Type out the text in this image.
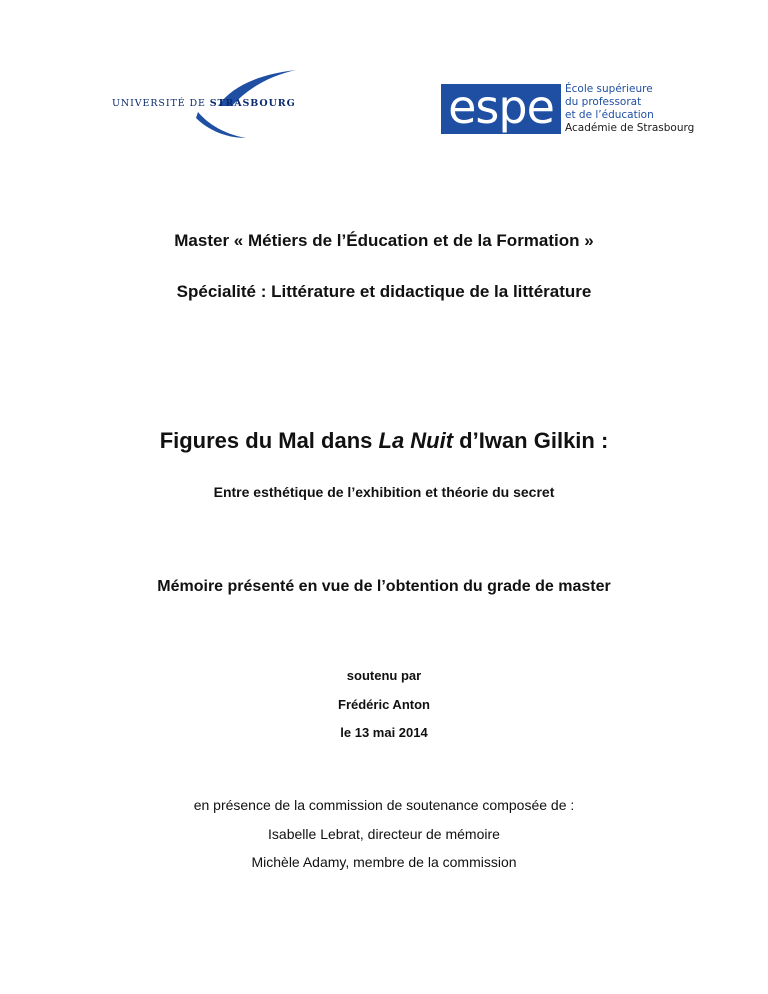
UNIVERSITÉ DE STRASBOURG	espe	École supérieure
du professorat
et de l’éducation
Académie de Strasbourg
Master « Métiers de l’Éducation et de la Formation »
Spécialité : Littérature et didactique de la littérature
Figures du Mal dans La Nuit d’Iwan Gilkin :
Entre esthétique de l’exhibition et théorie du secret
Mémoire présenté en vue de l’obtention du grade de master
soutenu par
Frédéric Anton
le 13 mai 2014
en présence de la commission de soutenance composée de :
Isabelle Lebrat, directeur de mémoire
Michèle Adamy, membre de la commission
